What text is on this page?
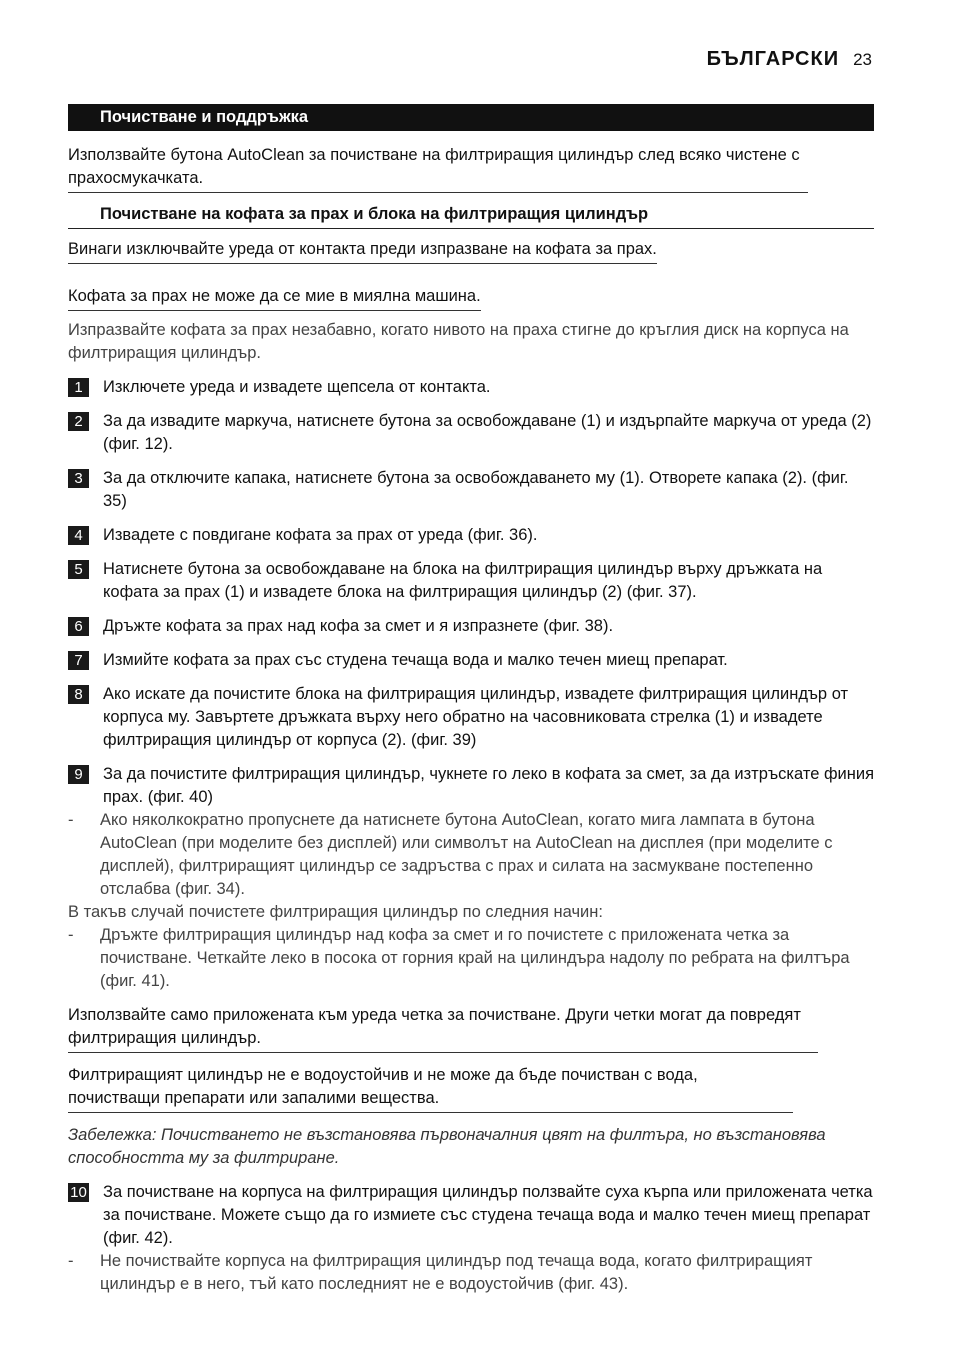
БЪЛГАРСКИ 23
Почистване и поддръжка
Използвайте бутона AutoClean за почистване на филтриращия цилиндър след всяко чистене с прахосмукачката.
Почистване на кофата за прах и блока на филтриращия цилиндър
Винаги изключвайте уреда от контакта преди изпразване на кофата за прах.
Кофата за прах не може да се мие в миялна машина.
Изпразвайте кофата за прах незабавно, когато нивото на праха стигне до кръглия диск на корпуса на филтриращия цилиндър.
1	Изключете уреда и извадете щепсела от контакта.
2	За да извадите маркуча, натиснете бутона за освобождаване (1) и издърпайте маркуча от уреда (2) (фиг. 12).
3	За да отключите капака, натиснете бутона за освобождаването му (1). Отворете капака (2). (фиг. 35)
4	Извадете с повдигане кофата за прах от уреда (фиг. 36).
5	Натиснете бутона за освобождаване на блока на филтриращия цилиндър върху дръжката на кофата за прах (1) и извадете блока на филтриращия цилиндър (2) (фиг. 37).
6	Дръжте кофата за прах над кофа за смет и я изпразнете (фиг. 38).
7	Измийте кофата за прах със студена течаща вода и малко течен миещ препарат.
8	Ако искате да почистите блока на филтриращия цилиндър, извадете филтриращия цилиндър от корпуса му. Завъртете дръжката върху него обратно на часовниковата стрелка (1) и извадете филтриращия цилиндър от корпуса (2). (фиг. 39)
9	За да почистите филтриращия цилиндър, чукнете го леко в кофата за смет, за да изтръскате финия прах. (фиг. 40)
-	Ако няколкократно пропуснете да натиснете бутона AutoClean, когато мига лампата в бутона AutoClean (при моделите без дисплей) или символът на AutoClean на дисплея (при моделите с дисплей), филтриращият цилиндър се задръства с прах и силата на засмукване постепенно отслабва (фиг. 34).
В такъв случай почистете филтриращия цилиндър по следния начин:
-	Дръжте филтриращия цилиндър над кофа за смет и го почистете с приложената четка за почистване. Четкайте леко в посока от горния край на цилиндъра надолу по ребрата на филтъра (фиг. 41).
Използвайте само приложената към уреда четка за почистване. Други четки могат да повредят филтриращия цилиндър.
Филтриращият цилиндър не е водоустойчив и не може да бъде почистван с вода, почистващи препарати или запалими вещества.
Забележка: Почистването не възстановява първоначалния цвят на филтъра, но възстановява способността му за филтриране.
10 За почистване на корпуса на филтриращия цилиндър ползвайте суха кърпа или приложената четка за почистване. Можете също да го измиете със студена течаща вода и малко течен миещ препарат (фиг. 42).
-	Не почиствайте корпуса на филтриращия цилиндър под течаща вода, когато филтриращият цилиндър е в него, тъй като последният не е водоустойчив (фиг. 43).
